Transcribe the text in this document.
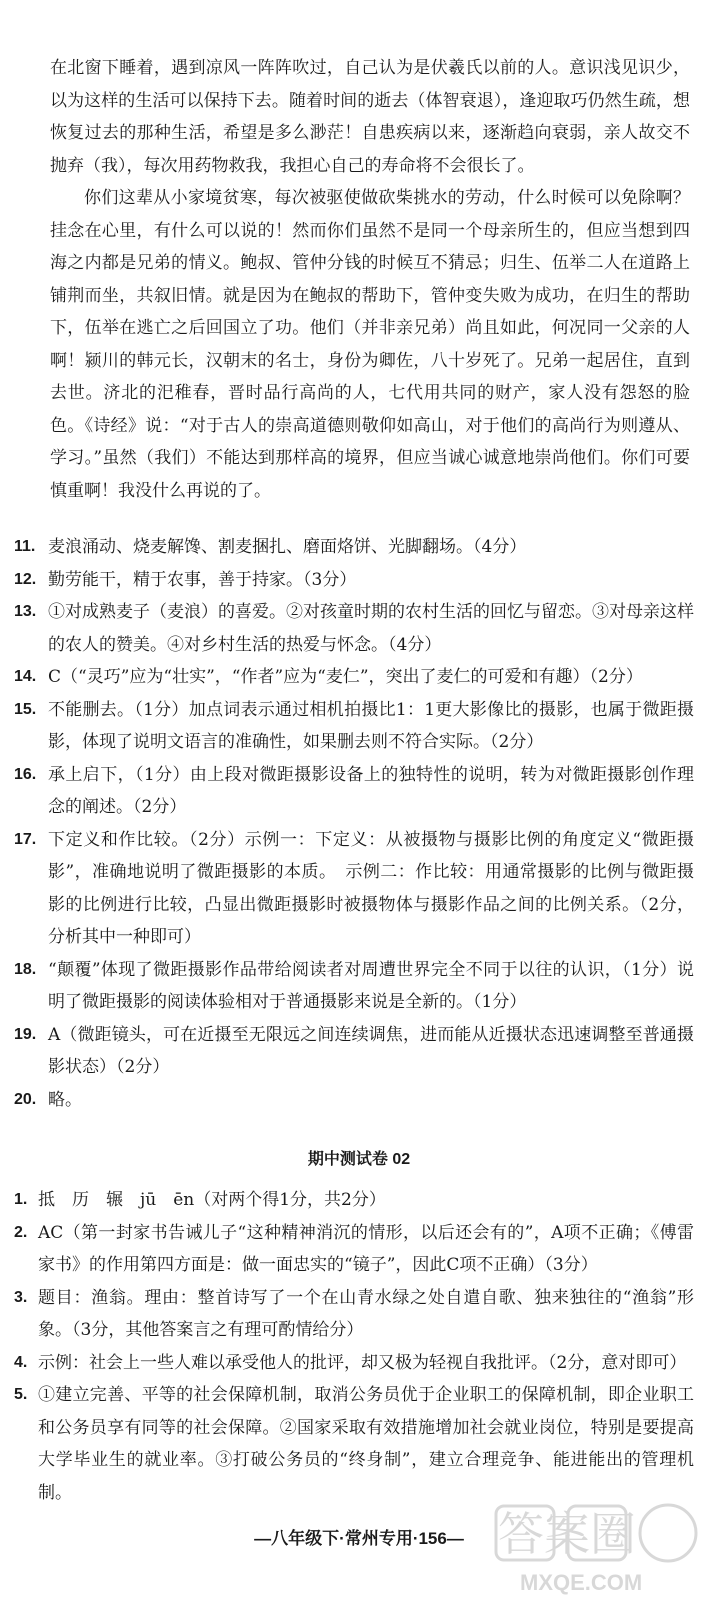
在北窗下睡着，遇到凉风一阵阵吹过，自己认为是伏羲氏以前的人。意识浅见识少，以为这样的生活可以保持下去。随着时间的逝去（体智衰退），逢迎取巧仍然生疏，想恢复过去的那种生活，希望是多么渺茫！自患疾病以来，逐渐趋向衰弱，亲人故交不抛弃（我），每次用药物救我，我担心自己的寿命将不会很长了。

你们这辈从小家境贫寒，每次被驱使做砍柴挑水的劳动，什么时候可以免除啊？挂念在心里，有什么可以说的！然而你们虽然不是同一个母亲所生的，但应当想到四海之内都是兄弟的情义。鲍叔、管仲分钱的时候互不猜忌；归生、伍举二人在道路上铺荆而坐，共叙旧情。就是因为在鲍叔的帮助下，管仲变失败为成功，在归生的帮助下，伍举在逃亡之后回国立了功。他们（并非亲兄弟）尚且如此，何况同一父亲的人啊！颍川的韩元长，汉朝末的名士，身份为卿佐，八十岁死了。兄弟一起居住，直到去世。济北的汜稚春，晋时品行高尚的人，七代用共同的财产，家人没有怨怒的脸色。《诗经》说：“对于古人的崇高道德则敬仰如高山，对于他们的高尚行为则遵从、学习。”虽然（我们）不能达到那样高的境界，但应当诚心诚意地崇尚他们。你们可要慎重啊！我没什么再说的了。

11. 麦浪涌动、烧麦解馋、割麦捆扎、磨面烙饼、光脚翻场。（4分）

12. 勤劳能干，精于农事，善于持家。（3分）

13. ①对成熟麦子（麦浪）的喜爱。②对孩童时期的农村生活的回忆与留恋。③对母亲这样的农人的赞美。④对乡村生活的热爱与怀念。（4分）

14. C（“灵巧”应为“壮实”，“作者”应为“麦仁”，突出了麦仁的可爱和有趣）（2分）

15. 不能删去。（1分）加点词表示通过相机拍摄比1：1更大影像比的摄影，也属于微距摄影，体现了说明文语言的准确性，如果删去则不符合实际。（2分）

16. 承上启下，（1分）由上段对微距摄影设备上的独特性的说明，转为对微距摄影创作理念的阐述。（2分）

17. 下定义和作比较。（2分）示例一：下定义：从被摄物与摄影比例的角度定义“微距摄影”，准确地说明了微距摄影的本质。　示例二：作比较：用通常摄影的比例与微距摄影的比例进行比较，凸显出微距摄影时被摄物体与摄影作品之间的比例关系。（2分，分析其中一种即可）

18. “颠覆”体现了微距摄影作品带给阅读者对周遭世界完全不同于以往的认识，（1分）说明了微距摄影的阅读体验相对于普通摄影来说是全新的。（1分）

19. A（微距镜头，可在近摄至无限远之间连续调焦，进而能从近摄状态迅速调整至普通摄影状态）（2分）

20. 略。

期中测试卷 02

1. 抵　历　辗　jū　ēn（对两个得1分，共2分）

2. AC（第一封家书告诫儿子“这种精神消沉的情形，以后还会有的”，A项不正确；《傅雷家书》的作用第四方面是：做一面忠实的“镜子”，因此C项不正确）（3分）

3. 题目：渔翁。理由：整首诗写了一个在山青水绿之处自遣自歌、独来独往的“渔翁”形象。（3分，其他答案言之有理可酌情给分）

4. 示例：社会上一些人难以承受他人的批评，却又极为轻视自我批评。（2分，意对即可）

5. ①建立完善、平等的社会保障机制，取消公务员优于企业职工的保障机制，即企业职工和公务员享有同等的社会保障。②国家采取有效措施增加社会就业岗位，特别是要提高大学毕业生的就业率。③打破公务员的“终身制”，建立合理竞争、能进能出的管理机制。

—八年级下·常州专用·156— 答案圈
MXQE.COM
